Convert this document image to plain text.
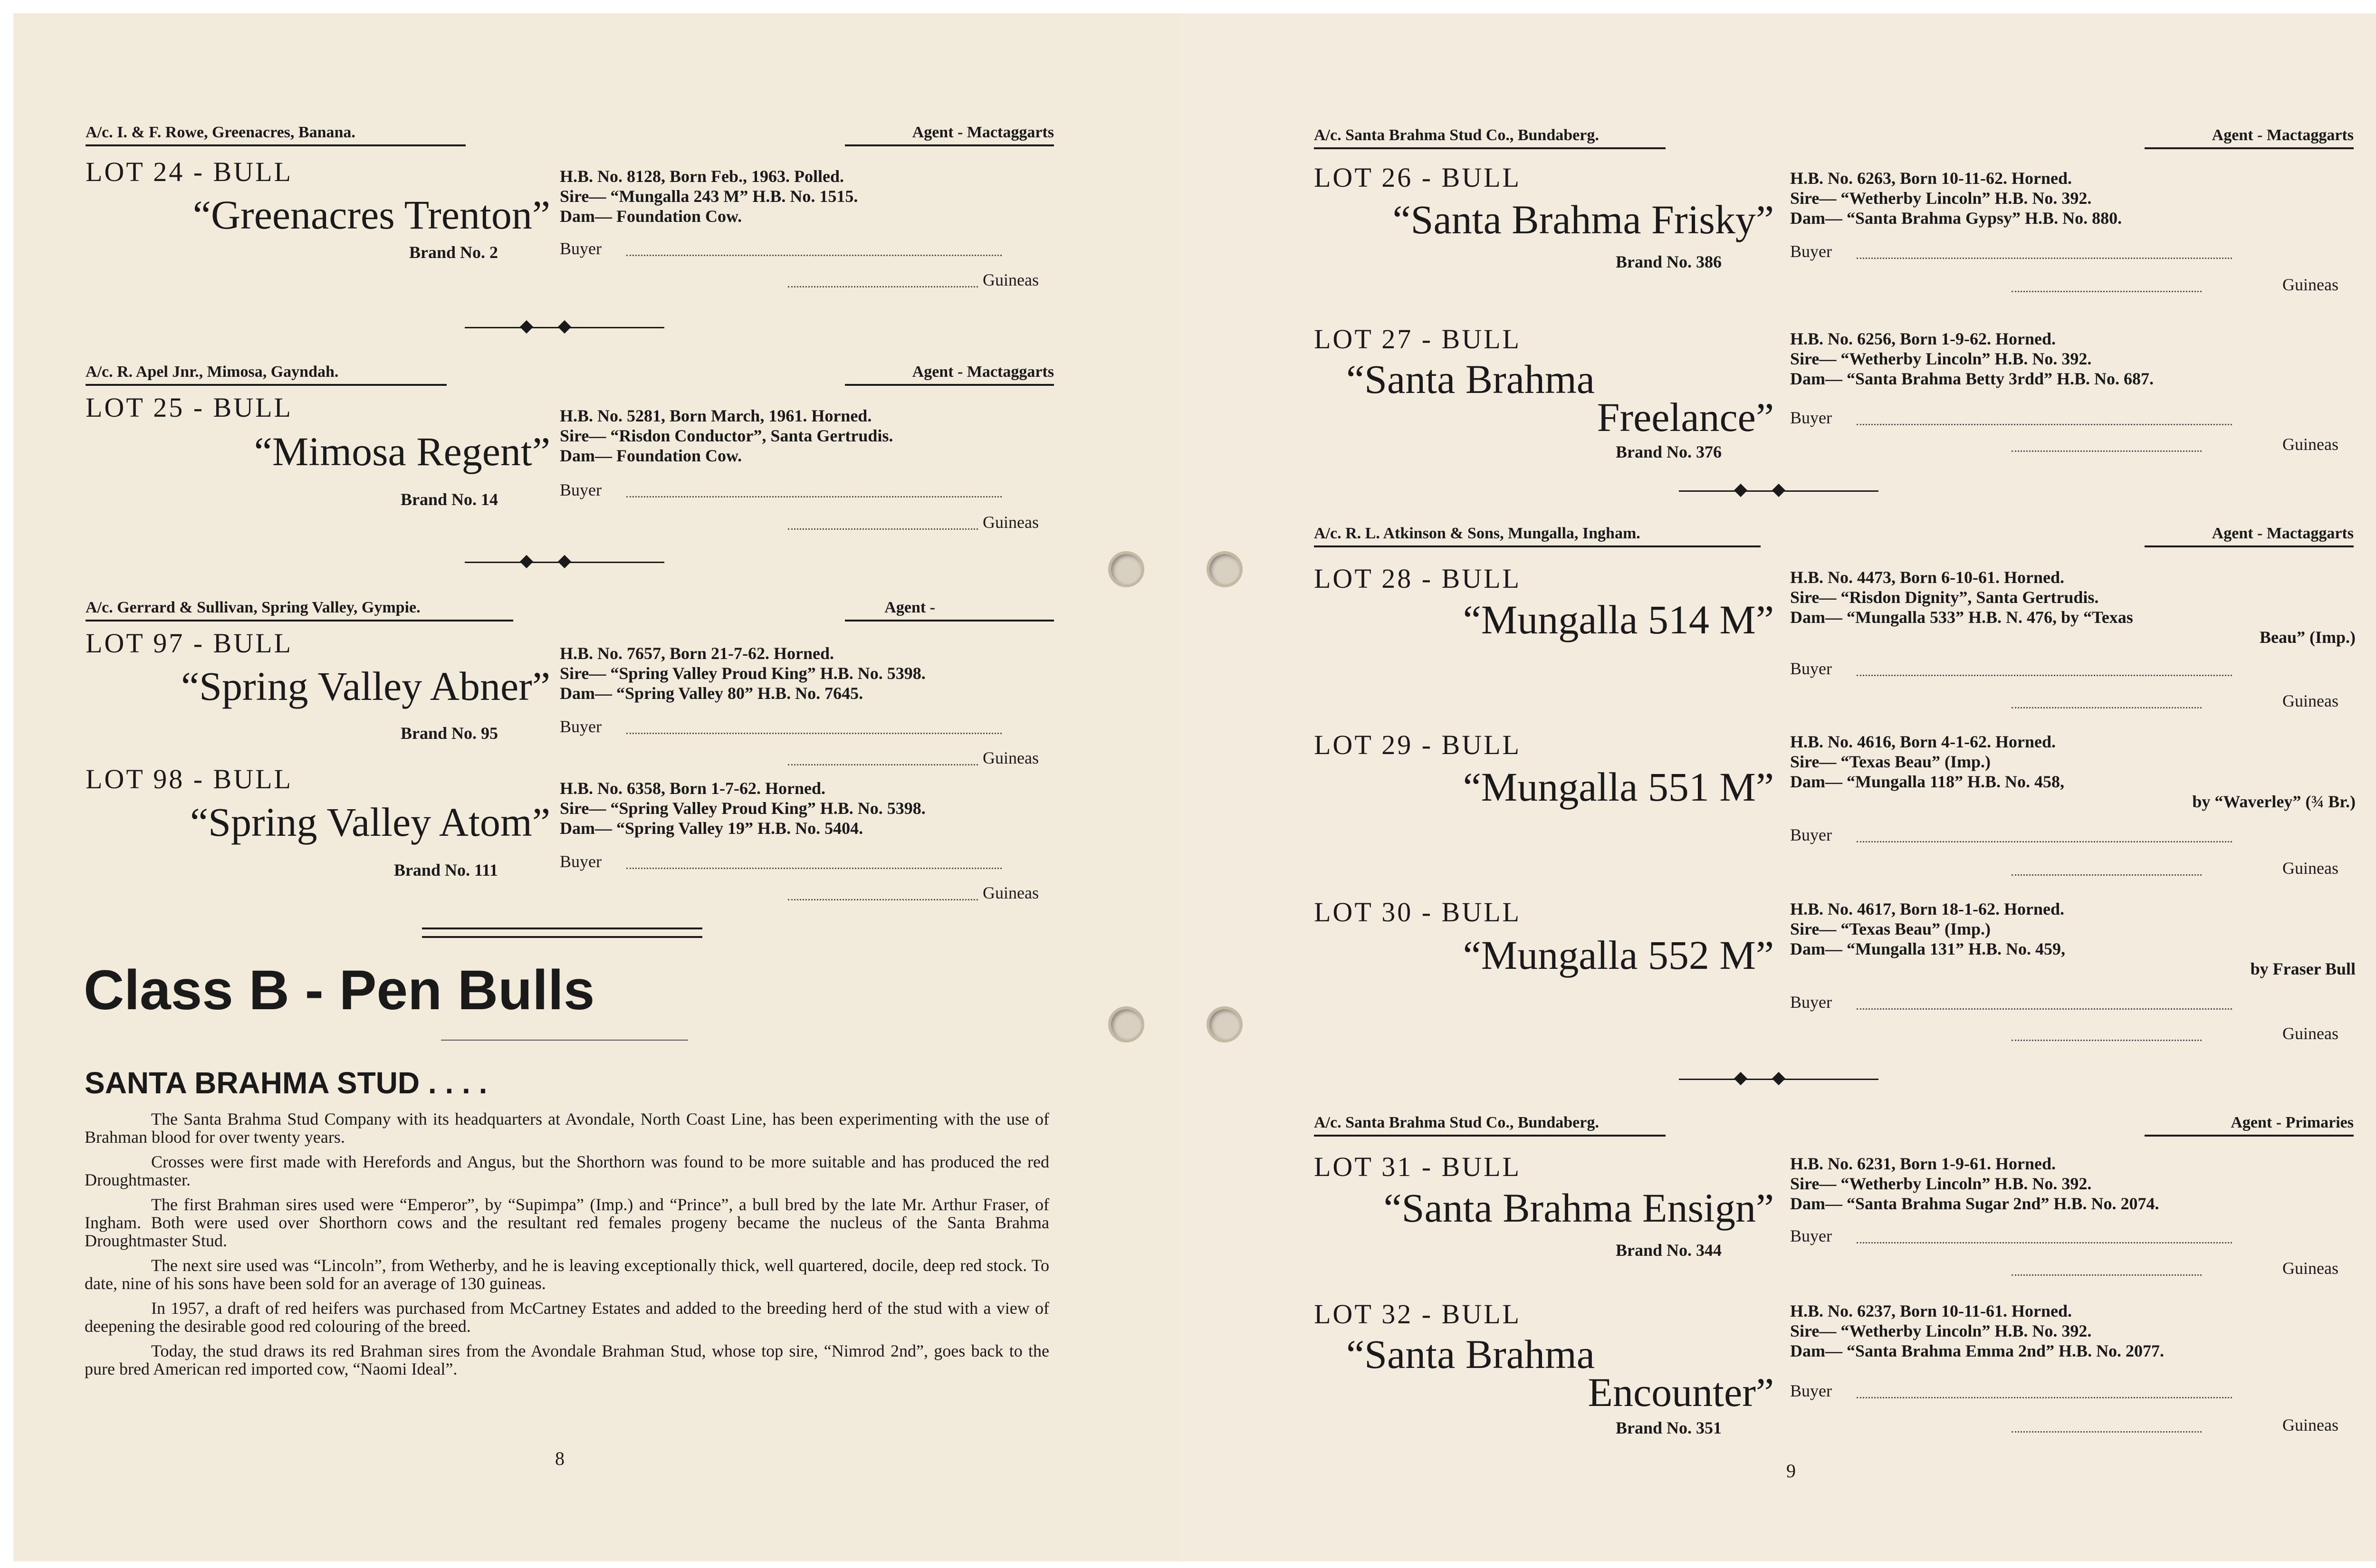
A/c. I. & F. Rowe, Greenacres, Banana.	Agent - Mactaggarts
LOT 24 - BULL
“Greenacres Trenton”
Brand No. 2
H.B. No. 8128, Born Feb., 1963. Polled.
Sire— “Mungalla 243 M” H.B. No. 1515.
Dam— Foundation Cow.
Buyer
Guineas
A/c. R. Apel Jnr., Mimosa, Gayndah.	Agent - Mactaggarts
LOT 25 - BULL
“Mimosa Regent”
Brand No. 14
H.B. No. 5281, Born March, 1961. Horned.
Sire— “Risdon Conductor”, Santa Gertrudis.
Dam— Foundation Cow.
Buyer
Guineas
A/c. Gerrard & Sullivan, Spring Valley, Gympie.	Agent -
LOT 97 - BULL
“Spring Valley Abner”
Brand No. 95
H.B. No. 7657, Born 21-7-62. Horned.
Sire— “Spring Valley Proud King” H.B. No. 5398.
Dam— “Spring Valley 80” H.B. No. 7645.
Buyer
Guineas
LOT 98 - BULL
“Spring Valley Atom”
Brand No. 111
H.B. No. 6358, Born 1-7-62. Horned.
Sire— “Spring Valley Proud King” H.B. No. 5398.
Dam— “Spring Valley 19” H.B. No. 5404.
Buyer
Guineas
Class B - Pen Bulls
SANTA BRAHMA STUD . . . .

The Santa Brahma Stud Company with its headquarters at Avondale, North Coast Line, has been experimenting with the use of Brahman blood for over twenty years.

Crosses were first made with Herefords and Angus, but the Shorthorn was found to be more suitable and has produced the red Droughtmaster.

The first Brahman sires used were “Emperor”, by “Supimpa” (Imp.) and “Prince”, a bull bred by the late Mr. Arthur Fraser, of Ingham. Both were used over Shorthorn cows and the resultant red females progeny became the nucleus of the Santa Brahma Droughtmaster Stud.

The next sire used was “Lincoln”, from Wetherby, and he is leaving exceptionally thick, well quartered, docile, deep red stock. To date, nine of his sons have been sold for an average of 130 guineas.

In 1957, a draft of red heifers was purchased from McCartney Estates and added to the breeding herd of the stud with a view of deepening the desirable good red colouring of the breed.

Today, the stud draws its red Brahman sires from the Avondale Brahman Stud, whose top sire, “Nimrod 2nd”, goes back to the pure bred American red imported cow, “Naomi Ideal”.

8
A/c. Santa Brahma Stud Co., Bundaberg.	Agent - Mactaggarts
LOT 26 - BULL
“Santa Brahma Frisky”
Brand No. 386
H.B. No. 6263, Born 10-11-62. Horned.
Sire— “Wetherby Lincoln” H.B. No. 392.
Dam— “Santa Brahma Gypsy” H.B. No. 880.
Buyer
Guineas
LOT 27 - BULL
“Santa Brahma
Freelance”
Brand No. 376
H.B. No. 6256, Born 1-9-62. Horned.
Sire— “Wetherby Lincoln” H.B. No. 392.
Dam— “Santa Brahma Betty 3rdd” H.B. No. 687.
Buyer
Guineas
A/c. R. L. Atkinson & Sons, Mungalla, Ingham.	Agent - Mactaggarts
LOT 28 - BULL
“Mungalla 514 M”
H.B. No. 4473, Born 6-10-61. Horned.
Sire— “Risdon Dignity”, Santa Gertrudis.
Dam— “Mungalla 533” H.B. N. 476, by “Texas
Beau” (Imp.)
Buyer
Guineas
LOT 29 - BULL
“Mungalla 551 M”
H.B. No. 4616, Born 4-1-62. Horned.
Sire— “Texas Beau” (Imp.)
Dam— “Mungalla 118” H.B. No. 458,
by “Waverley” (¾ Br.)
Buyer
Guineas
LOT 30 - BULL
“Mungalla 552 M”
H.B. No. 4617, Born 18-1-62. Horned.
Sire— “Texas Beau” (Imp.)
Dam— “Mungalla 131” H.B. No. 459,
by Fraser Bull
Buyer
Guineas
A/c. Santa Brahma Stud Co., Bundaberg.	Agent - Primaries
LOT 31 - BULL
“Santa Brahma Ensign”
Brand No. 344
H.B. No. 6231, Born 1-9-61. Horned.
Sire— “Wetherby Lincoln” H.B. No. 392.
Dam— “Santa Brahma Sugar 2nd” H.B. No. 2074.
Buyer
Guineas
LOT 32 - BULL
“Santa Brahma
Encounter”
Brand No. 351
H.B. No. 6237, Born 10-11-61. Horned.
Sire— “Wetherby Lincoln” H.B. No. 392.
Dam— “Santa Brahma Emma 2nd” H.B. No. 2077.
Buyer
Guineas
9
